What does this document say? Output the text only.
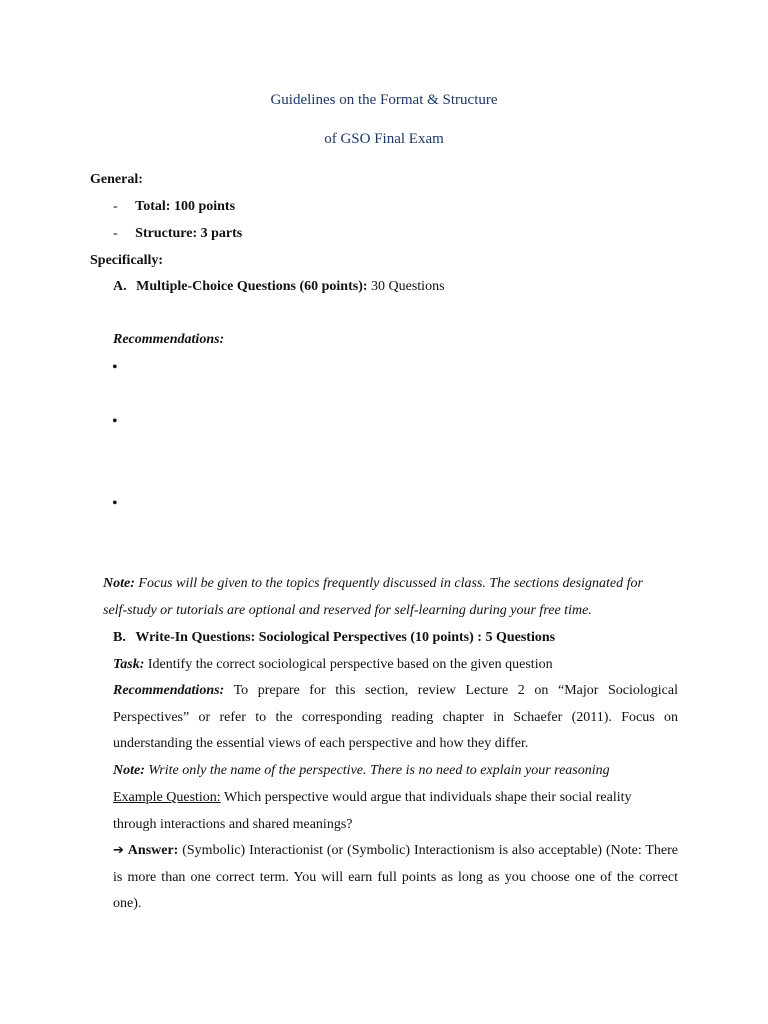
Guidelines on the Format & Structure
of GSO Final Exam
General:
- Total: 100 points
- Structure: 3 parts
Specifically:
A. Multiple-Choice Questions (60 points): 30 Questions
Recommendations:
•
•
•
Note: Focus will be given to the topics frequently discussed in class. The sections designated for
self-study or tutorials are optional and reserved for self-learning during your free time.
B. Write-In Questions: Sociological Perspectives (10 points) : 5 Questions
Task: Identify the correct sociological perspective based on the given question
Recommendations: To prepare for this section, review Lecture 2 on “Major Sociological Perspectives” or refer to the corresponding reading chapter in Schaefer (2011). Focus on understanding the essential views of each perspective and how they differ.
Note: Write only the name of the perspective. There is no need to explain your reasoning
Example Question: Which perspective would argue that individuals shape their social reality through interactions and shared meanings?
➔ Answer: (Symbolic) Interactionist (or (Symbolic) Interactionism is also acceptable) (Note: There is more than one correct term. You will earn full points as long as you choose one of the correct one).
